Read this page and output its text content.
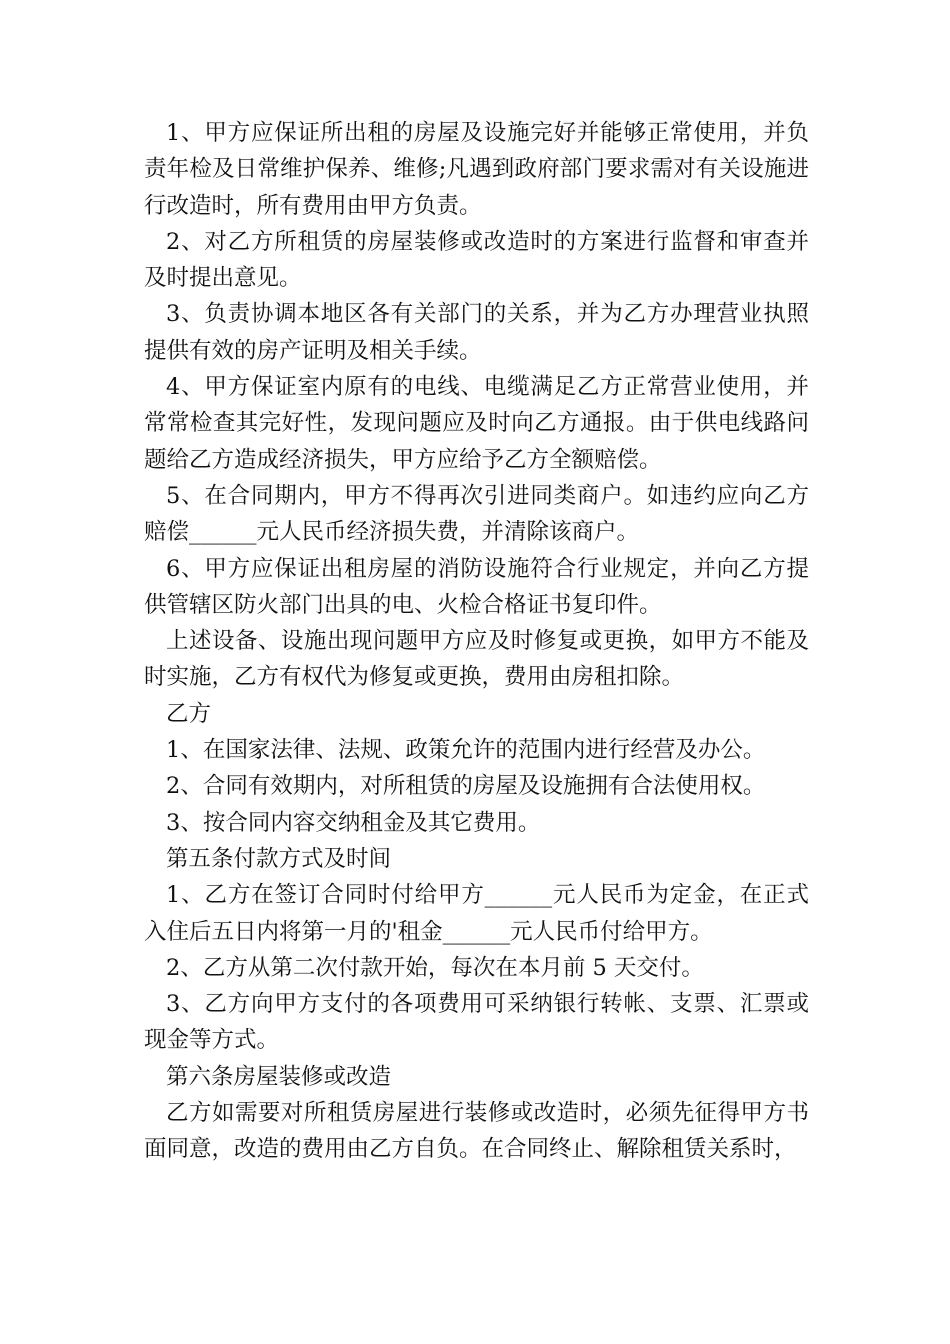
1、甲方应保证所出租的房屋及设施完好并能够正常使用，并负责年检及日常维护保养、维修;凡遇到政府部门要求需对有关设施进行改造时，所有费用由甲方负责。

2、对乙方所租赁的房屋装修或改造时的方案进行监督和审查并及时提出意见。

3、负责协调本地区各有关部门的关系，并为乙方办理营业执照提供有效的房产证明及相关手续。

4、甲方保证室内原有的电线、电缆满足乙方正常营业使用，并常常检查其完好性，发现问题应及时向乙方通报。由于供电线路问题给乙方造成经济损失，甲方应给予乙方全额赔偿。

5、在合同期内，甲方不得再次引进同类商户。如违约应向乙方赔偿______元人民币经济损失费，并清除该商户。

6、甲方应保证出租房屋的消防设施符合行业规定，并向乙方提供管辖区防火部门出具的电、火检合格证书复印件。

上述设备、设施出现问题甲方应及时修复或更换，如甲方不能及时实施，乙方有权代为修复或更换，费用由房租扣除。

乙方

1、在国家法律、法规、政策允许的范围内进行经营及办公。

2、合同有效期内，对所租赁的房屋及设施拥有合法使用权。

3、按合同内容交纳租金及其它费用。

第五条付款方式及时间

1、乙方在签订合同时付给甲方______元人民币为定金，在正式入住后五日内将第一月的'租金______元人民币付给甲方。

2、乙方从第二次付款开始，每次在本月前 5 天交付。

3、乙方向甲方支付的各项费用可采纳银行转帐、支票、汇票或现金等方式。

第六条房屋装修或改造

乙方如需要对所租赁房屋进行装修或改造时，必须先征得甲方书面同意，改造的费用由乙方自负。在合同终止、解除租赁关系时，
